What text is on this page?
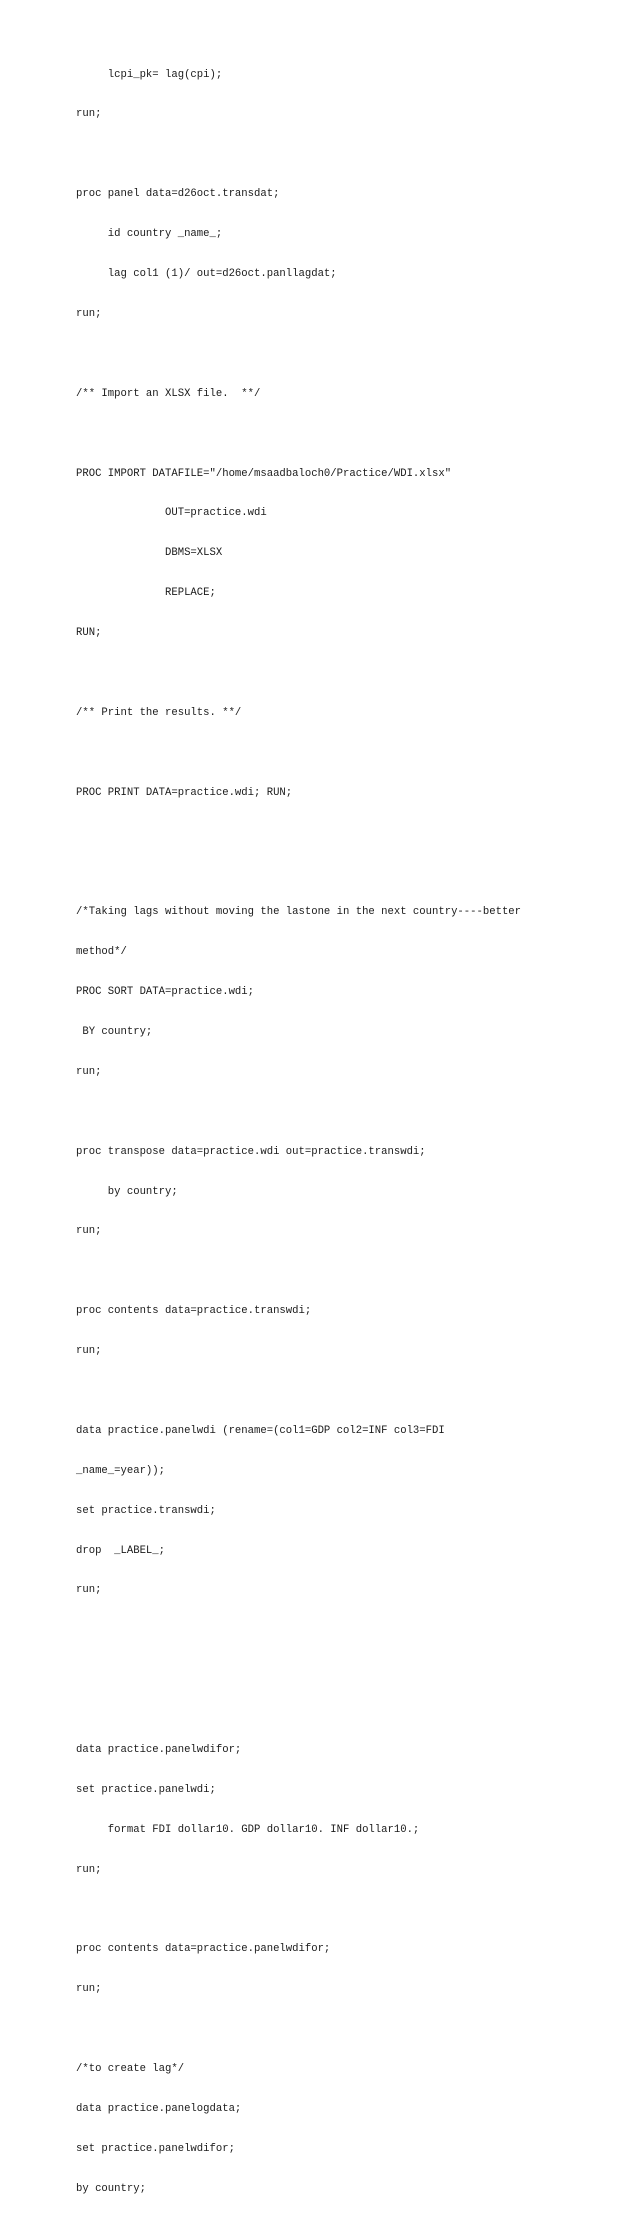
lcpi_pk= lag(cpi);

run;

proc panel data=d26oct.transdat;

id country _name_;

lag col1 (1)/ out=d26oct.panllagdat;

run;

/** Import an XLSX file.  **/

PROC IMPORT DATAFILE="/home/msaadbaloch0/Practice/WDI.xlsx"

OUT=practice.wdi

DBMS=XLSX

REPLACE;

RUN;

/** Print the results. **/

PROC PRINT DATA=practice.wdi; RUN;

/*Taking lags without moving the lastone in the next country----better

method*/

PROC SORT DATA=practice.wdi;

BY country;

run;

proc transpose data=practice.wdi out=practice.transwdi;

by country;

run;

proc contents data=practice.transwdi;

run;

data practice.panelwdi (rename=(col1=GDP col2=INF col3=FDI

_name_=year));

set practice.transwdi;

drop  _LABEL_;

run;

data practice.panelwdifor;

set practice.panelwdi;

format FDI dollar10. GDP dollar10. INF dollar10.;

run;

proc contents data=practice.panelwdifor;

run;

/*to create lag*/

data practice.panelogdata;

set practice.panelwdifor;

by country;
